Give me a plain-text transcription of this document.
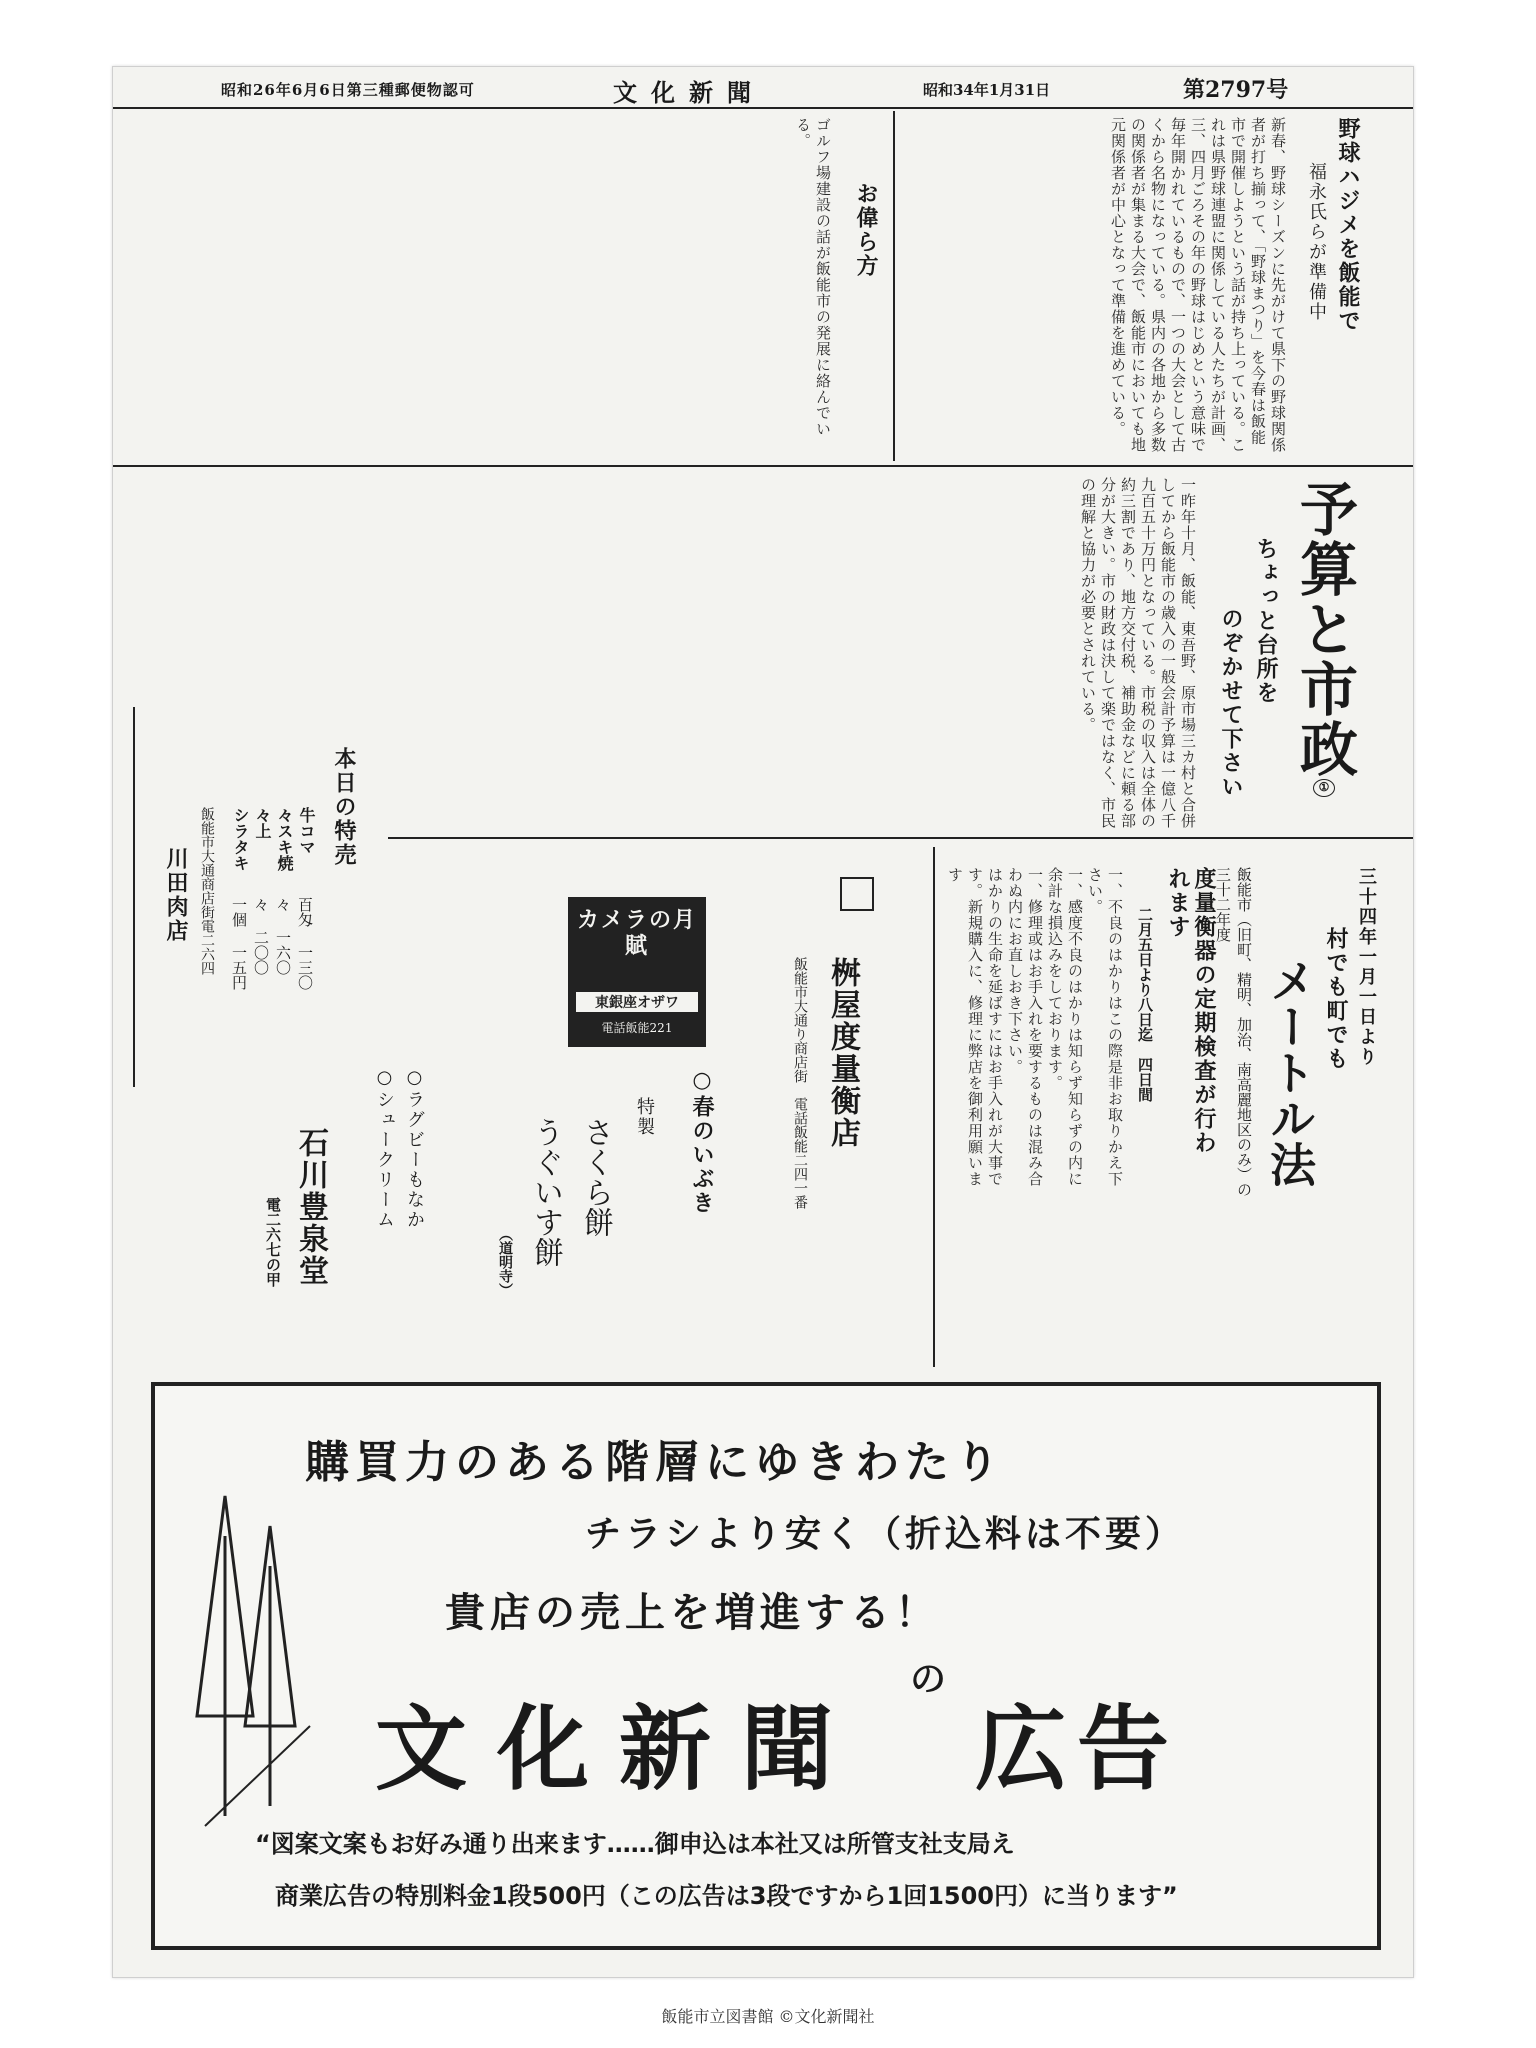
昭和26年6月6日第三種郵便物認可	文化新聞	昭和34年1月31日	第2797号
野球ハジメを飯能で
福永氏らが準備中
新春、野球シーズンに先がけて県下の野球関係者が打ち揃って、「野球まつり」を今春は飯能市で開催しようという話が持ち上っている。これは県野球連盟に関係している人たちが計画、三、四月ごろその年の野球はじめという意味で毎年開かれているもので、一つの大会として古くから名物になっている。県内の各地から多数の関係者が集まる大会で、飯能市においても地元関係者が中心となって準備を進めている。
お偉ら方
ゴルフ場建設の話が飯能市の発展に絡んでいる。
予算と市政①
ちょっと台所を
のぞかせて下さい
一昨年十月、飯能、東吾野、原市場三カ村と合併してから飯能市の歳入の一般会計予算は一億八千九百五十万円となっている。市税の収入は全体の約三割であり、地方交付税、補助金などに頼る部分が大きい。市の財政は決して楽ではなく、市民の理解と協力が必要とされている。
本日の特売
牛コマ
百匁 一三〇
々スキ焼
々 一六〇
々上
々 二〇〇
シラタキ
一個 一五円
飯能市大通商店街電二六四
川田肉店	カメラの月賦
東銀座オザワ
電話飯能221	三十四年一月一日より
村でも町でも
メートル法
度量衡器の定期検査が行われます
二月五日より八日迄　四日間	飯能市（旧町、精明、加治、南高麗地区のみ）の三十二年度
一、不良のはかりはこの際是非お取りかえ下さい。
一、感度不良のはかりは知らず知らずの内に余計な損込みをしております。
一、修理或はお手入れを要するものは混み合わぬ内にお直しおき下さい。
はかりの生命を延ばすにはお手入れが大事です。新規購入に、修理に弊店を御利用願います
飯能市大通り商店街　電話飯能二四一番 桝屋度量衡店
○春のいぶき
特製
さくら餅
うぐいす餅
（道明寺）
○ラグビーもなか
○シュークリーム
石川豊泉堂
電二六七の甲
購買力のある階層にゆきわたり
チラシより安く（折込料は不要）
貴店の売上を増進する！
文化新聞
の
広告
“図案文案もお好み通り出来ます……御申込は本社又は所管支社支局え
商業広告の特別料金1段500円（この広告は3段ですから1回1500円）に当ります”
飯能市立図書館 ©文化新聞社
